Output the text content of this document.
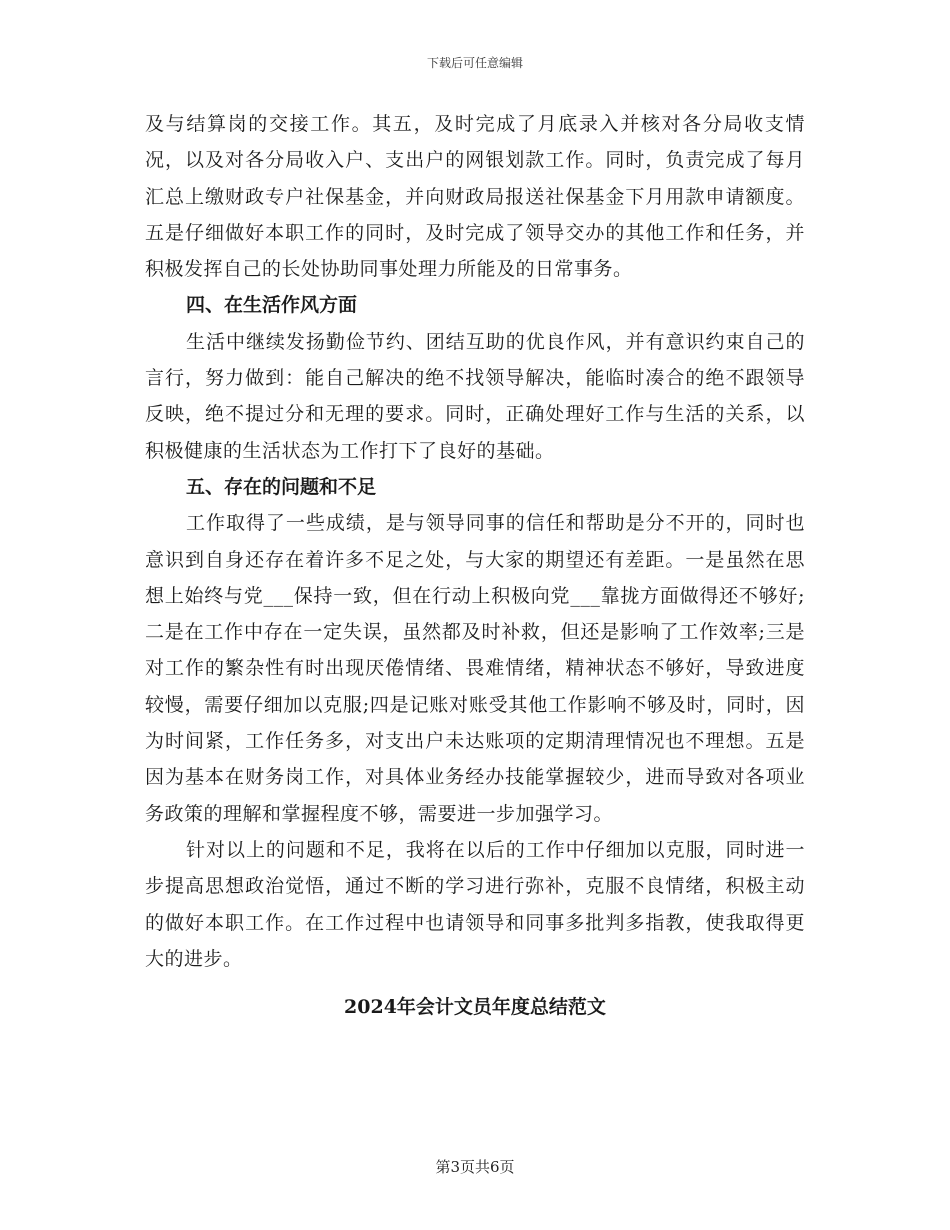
下载后可任意编辑

及与结算岗的交接工作。其五，及时完成了月底录入并核对各分局收支情况，以及对各分局收入户、支出户的网银划款工作。同时，负责完成了每月汇总上缴财政专户社保基金，并向财政局报送社保基金下月用款申请额度。五是仔细做好本职工作的同时，及时完成了领导交办的其他工作和任务，并积极发挥自己的长处协助同事处理力所能及的日常事务。

四、在生活作风方面

生活中继续发扬勤俭节约、团结互助的优良作风，并有意识约束自己的言行，努力做到：能自己解决的绝不找领导解决，能临时凑合的绝不跟领导反映，绝不提过分和无理的要求。同时，正确处理好工作与生活的关系，以积极健康的生活状态为工作打下了良好的基础。

五、存在的问题和不足

工作取得了一些成绩，是与领导同事的信任和帮助是分不开的，同时也意识到自身还存在着许多不足之处，与大家的期望还有差距。一是虽然在思想上始终与党___保持一致，但在行动上积极向党___靠拢方面做得还不够好;二是在工作中存在一定失误，虽然都及时补救，但还是影响了工作效率;三是对工作的繁杂性有时出现厌倦情绪、畏难情绪，精神状态不够好，导致进度较慢，需要仔细加以克服;四是记账对账受其他工作影响不够及时，同时，因为时间紧，工作任务多，对支出户未达账项的定期清理情况也不理想。五是因为基本在财务岗工作，对具体业务经办技能掌握较少，进而导致对各项业务政策的理解和掌握程度不够，需要进一步加强学习。

针对以上的问题和不足，我将在以后的工作中仔细加以克服，同时进一步提高思想政治觉悟，通过不断的学习进行弥补，克服不良情绪，积极主动的做好本职工作。在工作过程中也请领导和同事多批判多指教，使我取得更大的进步。

2024年会计文员年度总结范文
第3页共6页
